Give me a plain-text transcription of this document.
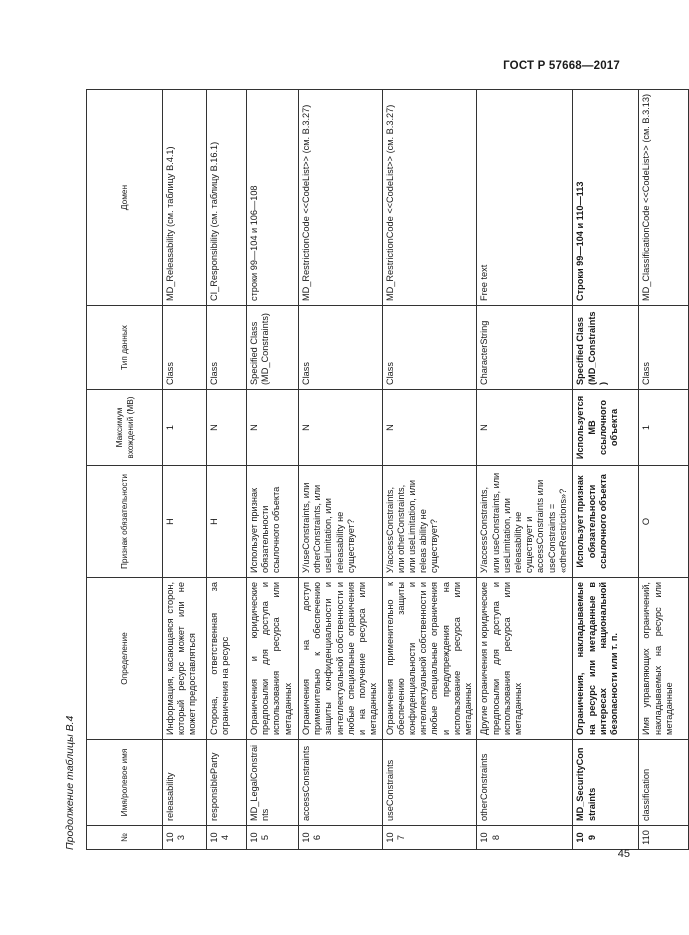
ГОСТ Р 57668—2017
Продолжение таблицы В.4	№	Имя/ролевое имя	Определение	Признак обязательности	Максимум вхождений (MB)	Тип данных	Домен
103	releasability	Информация, касающаяся сторон, который ресурс может или не может предоставляться	Н	1	Class	MD_Releasability (см. таблицу В.4.1)
104	responsibleParty	Сторона, ответственная за ограничения на ресурс	Н	N	Class	CI_Responsibility (см. таблицу В.16.1)
105	MD_LegalConstraints	Ограничения и юридические предпосылки для доступа и использования ресурса или метаданных	Использует признак обязательности ссылочного объекта	N	Specified Class (MD_Constraints)	строки 99—104 и 106—108
106	accessConstraints	Ограничения на доступ применительно к обеспечению защиты конфиденциальности и интеллектуальной собственности и любые специальные ограничения и на получение ресурса или метаданных	У/useConstraints, или otherConstraints, или useLimitation, или releasability не существует?	N	Class	MD_RestrictionCode <<CodeList>> (см. В.3.27)
107	useConstraints	Ограничения применительно к обеспечению защиты конфиденциальности и интеллектуальной собственности и любые специальные ограничения и предупреждения на использование ресурса или метаданных	У/accessConstraints, или otherConstraints, или useLimitation, или releas ability не существует?	N	Class	MD_RestrictionCode <<CodeList>> (см. В.3.27)
108	otherConstraints	Другие ограничения и юридические предпосылки для доступа и использования ресурса или метаданных	У/accessConstraints, или useConstraints, или useLimitation, или releasability не существует и accessConstraints или useConstraints = «otherRestrictions»?	N	CharacterString	Free text
109	MD_SecurityConstraints	Ограничения, накладываемые на ресурс или метаданные в интересах национальной безопасности или т. п.	Использует признак обязательности ссылочного объекта	Используется MB ссылочного объекта	Specified Class (MD_Constraints)	Строки 99—104 и 110—113
110	classification	Имя управляющих ограничений, накладываемых на ресурс или метаданные	О	1	Class	MD_ClassificationCode <<CodeList>> (см. В.3.13)
45
